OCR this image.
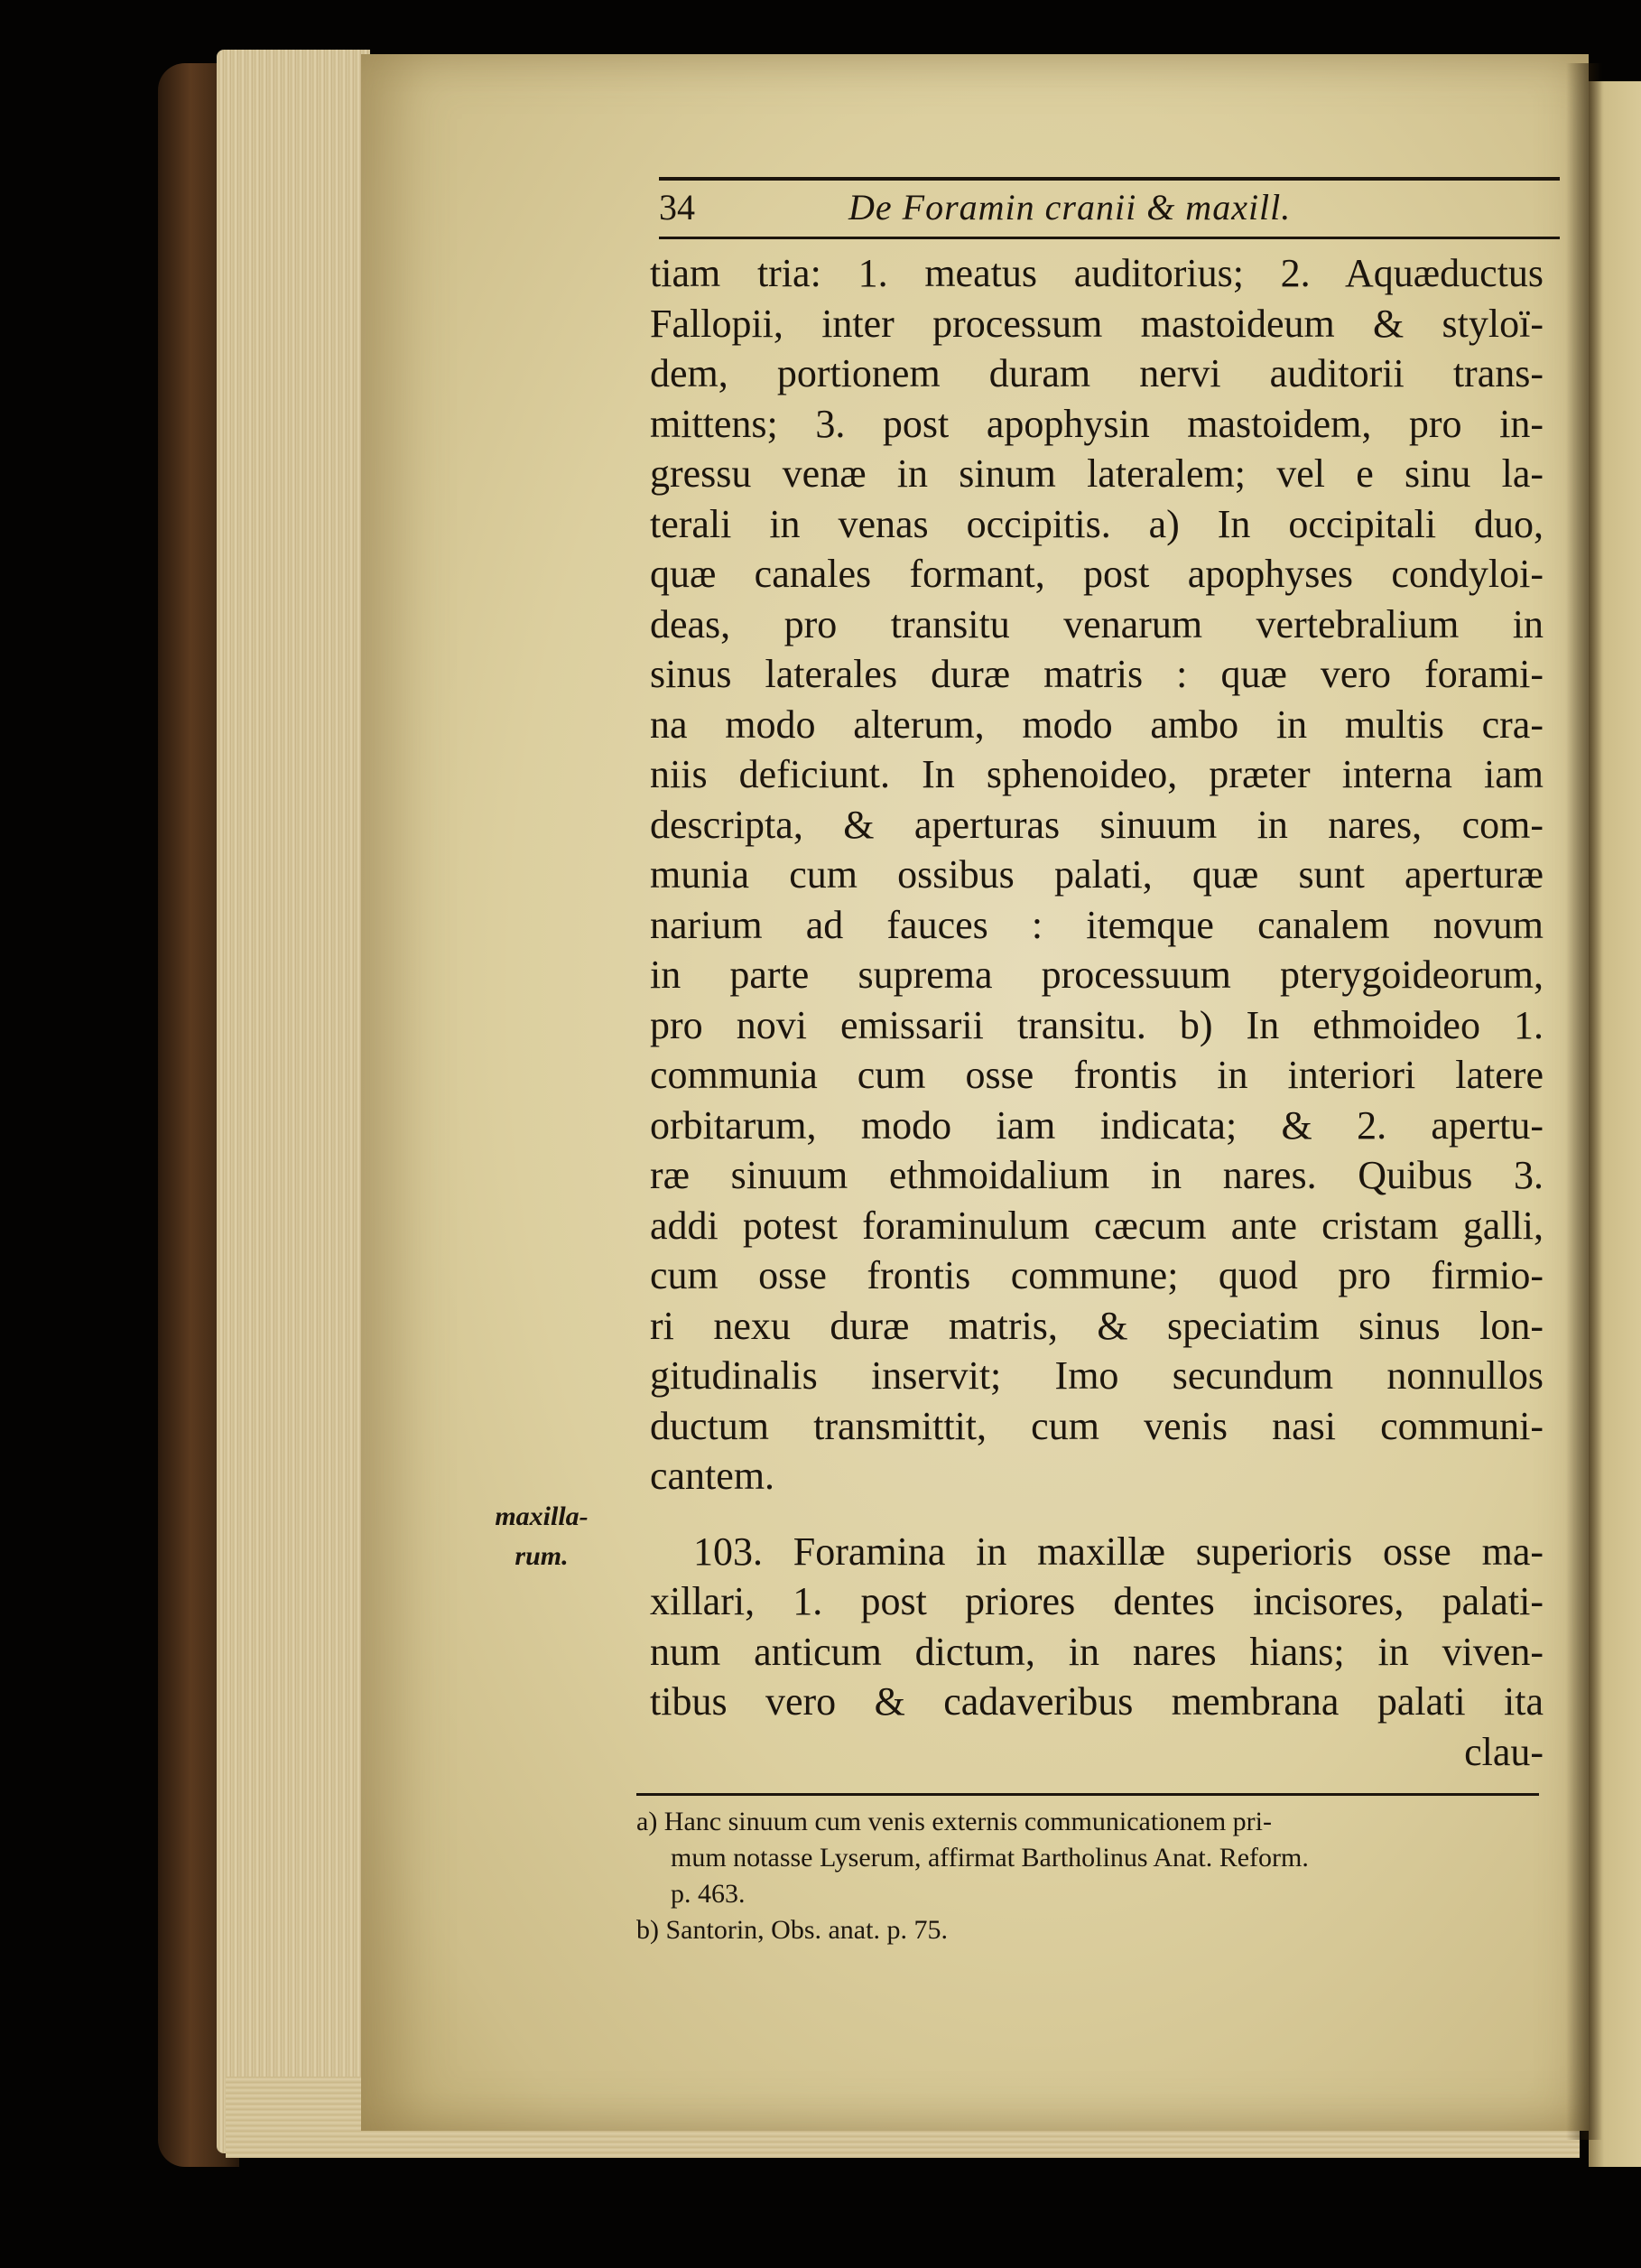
34	De Foramin cranii & maxill.
tiam tria: 1. meatus auditorius; 2. Aquæductus
Fallopii, inter processum mastoideum & styloï-
dem, portionem duram nervi auditorii trans-
mittens; 3. post apophysin mastoidem, pro in-
gressu venæ in sinum lateralem; vel e sinu la-
terali in venas occipitis. a) In occipitali duo,
quæ canales formant, post apophyses condyloi-
deas, pro transitu venarum vertebralium in
sinus laterales duræ matris : quæ vero forami-
na modo alterum, modo ambo in multis cra-
niis deficiunt. In sphenoideo, præter interna iam
descripta, & aperturas sinuum in nares, com-
munia cum ossibus palati, quæ sunt aperturæ
narium ad fauces : itemque canalem novum
in parte suprema processuum pterygoideorum,
pro novi emissarii transitu. b) In ethmoideo 1.
communia cum osse frontis in interiori latere
orbitarum, modo iam indicata; & 2. apertu-
ræ sinuum ethmoidalium in nares. Quibus 3.
addi potest foraminulum cæcum ante cristam galli,
cum osse frontis commune; quod pro firmio-
ri nexu duræ matris, & speciatim sinus lon-
gitudinalis inservit; Imo secundum nonnullos
ductum transmittit, cum venis nasi communi-
cantem.
103. Foramina in maxillæ superioris osse ma-
xillari, 1. post priores dentes incisores, palati-
num anticum dictum, in nares hians; in viven-
tibus vero & cadaveribus membrana palati ita
clau-
maxilla-
rum.
a) Hanc sinuum cum venis externis communicationem pri-
mum notasse Lyserum, affirmat Bartholinus Anat. Reform.
p. 463.
b) Santorin, Obs. anat. p. 75.
